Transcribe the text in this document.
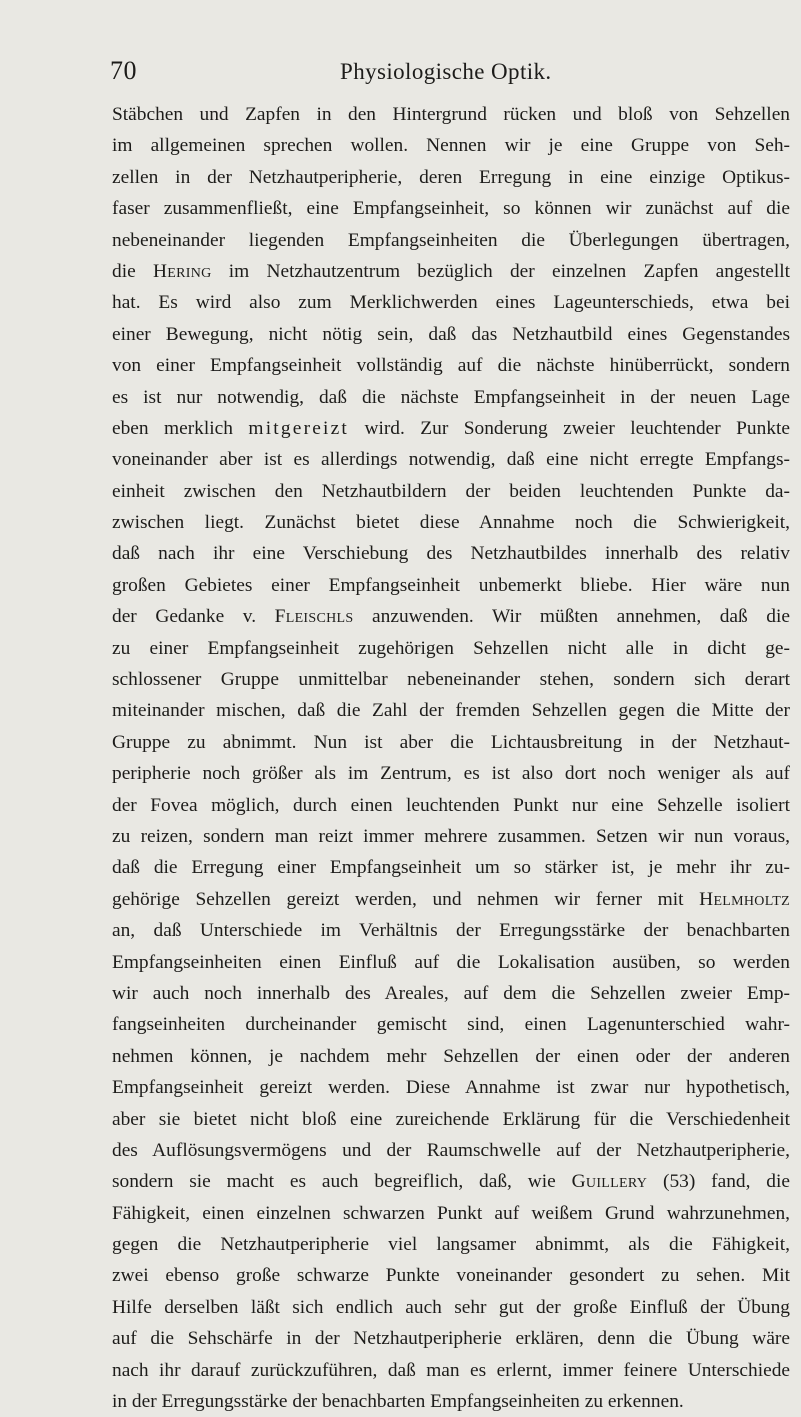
70	Physiologische Optik.
Stäbchen und Zapfen in den Hintergrund rücken und bloß von Sehzellen
im allgemeinen sprechen wollen. Nennen wir je eine Gruppe von Seh-
zellen in der Netzhautperipherie, deren Erregung in eine einzige Optikus-
faser zusammenfließt, eine Empfangseinheit, so können wir zunächst auf die
nebeneinander liegenden Empfangseinheiten die Überlegungen übertragen,
die Hering im Netzhautzentrum bezüglich der einzelnen Zapfen angestellt
hat. Es wird also zum Merklichwerden eines Lageunterschieds, etwa bei
einer Bewegung, nicht nötig sein, daß das Netzhautbild eines Gegenstandes
von einer Empfangseinheit vollständig auf die nächste hinüberrückt, sondern
es ist nur notwendig, daß die nächste Empfangseinheit in der neuen Lage
eben merklich mitgereizt wird. Zur Sonderung zweier leuchtender Punkte
voneinander aber ist es allerdings notwendig, daß eine nicht erregte Empfangs-
einheit zwischen den Netzhautbildern der beiden leuchtenden Punkte da-
zwischen liegt. Zunächst bietet diese Annahme noch die Schwierigkeit,
daß nach ihr eine Verschiebung des Netzhautbildes innerhalb des relativ
großen Gebietes einer Empfangseinheit unbemerkt bliebe. Hier wäre nun
der Gedanke v. Fleischls anzuwenden. Wir müßten annehmen, daß die
zu einer Empfangseinheit zugehörigen Sehzellen nicht alle in dicht ge-
schlossener Gruppe unmittelbar nebeneinander stehen, sondern sich derart
miteinander mischen, daß die Zahl der fremden Sehzellen gegen die Mitte der
Gruppe zu abnimmt. Nun ist aber die Lichtausbreitung in der Netzhaut-
peripherie noch größer als im Zentrum, es ist also dort noch weniger als auf
der Fovea möglich, durch einen leuchtenden Punkt nur eine Sehzelle isoliert
zu reizen, sondern man reizt immer mehrere zusammen. Setzen wir nun voraus,
daß die Erregung einer Empfangseinheit um so stärker ist, je mehr ihr zu-
gehörige Sehzellen gereizt werden, und nehmen wir ferner mit Helmholtz
an, daß Unterschiede im Verhältnis der Erregungsstärke der benachbarten
Empfangseinheiten einen Einfluß auf die Lokalisation ausüben, so werden
wir auch noch innerhalb des Areales, auf dem die Sehzellen zweier Emp-
fangseinheiten durcheinander gemischt sind, einen Lagenunterschied wahr-
nehmen können, je nachdem mehr Sehzellen der einen oder der anderen
Empfangseinheit gereizt werden. Diese Annahme ist zwar nur hypothetisch,
aber sie bietet nicht bloß eine zureichende Erklärung für die Verschiedenheit
des Auflösungsvermögens und der Raumschwelle auf der Netzhautperipherie,
sondern sie macht es auch begreiflich, daß, wie Guillery (53) fand, die
Fähigkeit, einen einzelnen schwarzen Punkt auf weißem Grund wahrzunehmen,
gegen die Netzhautperipherie viel langsamer abnimmt, als die Fähigkeit,
zwei ebenso große schwarze Punkte voneinander gesondert zu sehen. Mit
Hilfe derselben läßt sich endlich auch sehr gut der große Einfluß der Übung
auf die Sehschärfe in der Netzhautperipherie erklären, denn die Übung wäre
nach ihr darauf zurückzuführen, daß man es erlernt, immer feinere Unterschiede
in der Erregungsstärke der benachbarten Empfangseinheiten zu erkennen.
